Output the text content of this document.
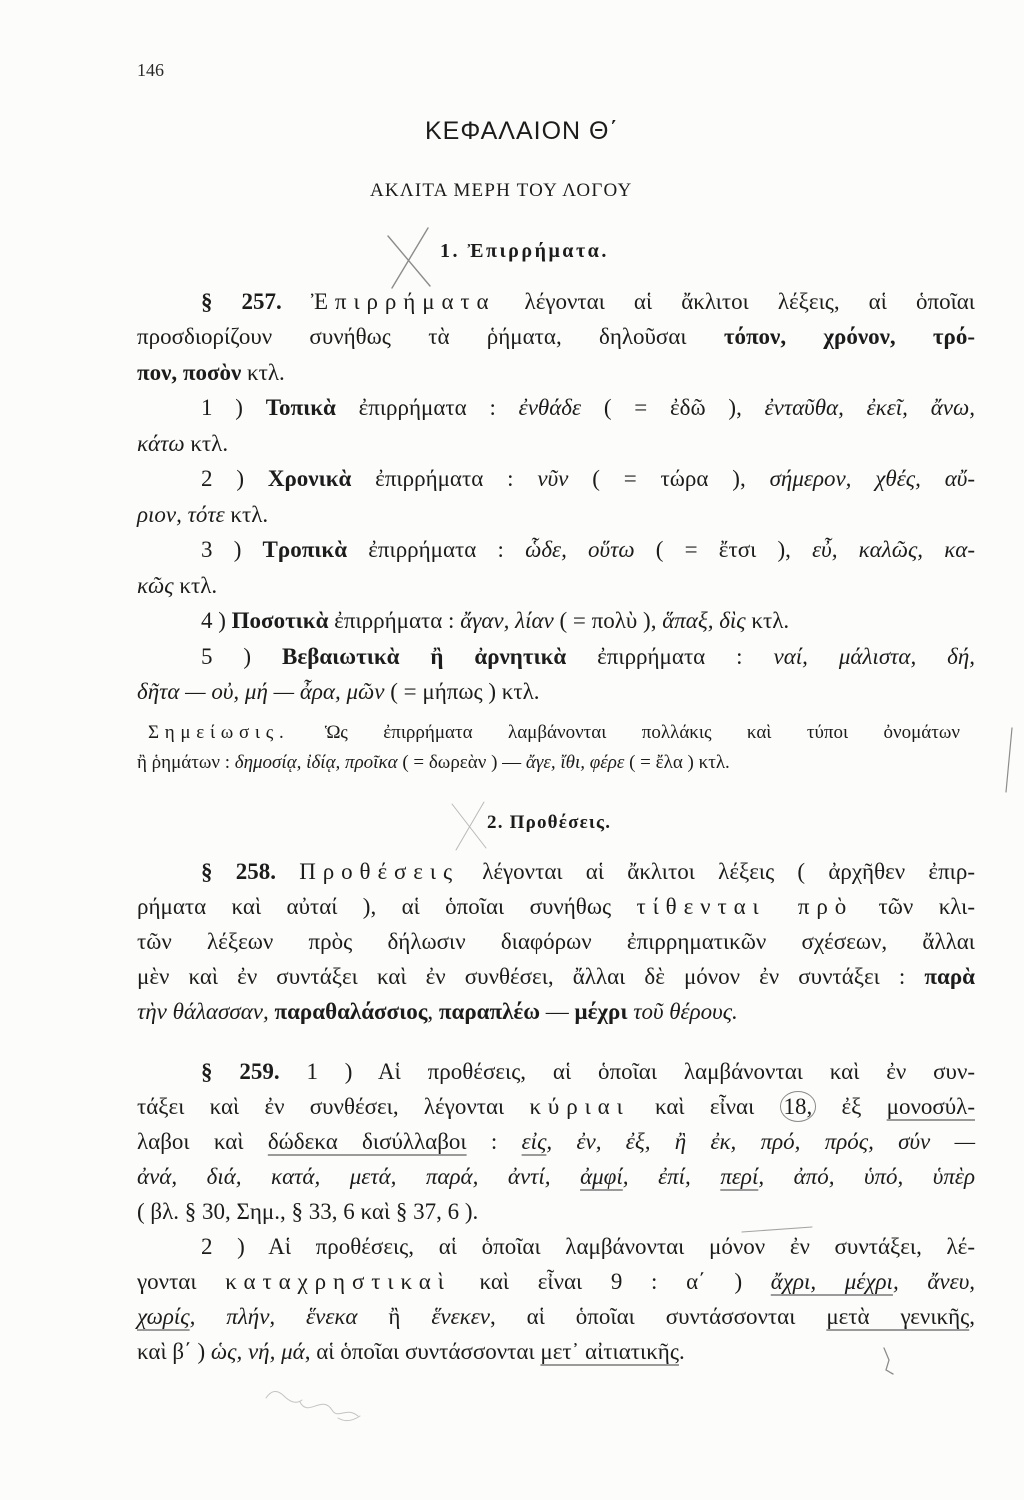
146
ΚΕΦΑΛΑΙΟΝ Θ΄
ΑΚΛΙΤΑ ΜΕΡΗ ΤΟΥ ΛΟΓΟΥ
1. Ἐπιρρήματα.
§ 257. Ἐπιρρήματα λέγονται αἱ ἄκλιτοι λέξεις, αἱ ὁποῖαι
προσδιορίζουν συνήθως τὰ ῥήματα, δηλοῦσαι τόπον, χρόνον, τρό-
πον, ποσὸν κτλ.
1 ) Τοπικὰ ἐπιρρήματα : ἐνθάδε ( = ἐδῶ ), ἐνταῦθα, ἐκεῖ, ἄνω,
κάτω κτλ.
2 ) Χρονικὰ ἐπιρρήματα : νῦν ( = τώρα ), σήμερον, χθές, αὔ-
ριον, τότε κτλ.
3 ) Τροπικὰ ἐπιρρήματα : ὧδε, οὕτω ( = ἔτσι ), εὖ, καλῶς, κα-
κῶς κτλ.
4 ) Ποσοτικὰ ἐπιρρήματα : ἄγαν, λίαν ( = πολὺ ), ἅπαξ, δὶς κτλ.
5 ) Βεβαιωτικὰ ἢ ἀρνητικὰ ἐπιρρήματα : ναί, μάλιστα, δή,
δῆτα — οὐ, μή — ἆρα, μῶν ( = μήπως ) κτλ.
Σημείωσις. Ὡς ἐπιρρήματα λαμβάνονται πολλάκις καὶ τύποι ὀνομάτων
ἢ ῥημάτων : δημοσίᾳ, ἰδίᾳ, προῖκα ( = δωρεὰν ) — ἄγε, ἴθι, φέρε ( = ἔλα ) κτλ.
2. Προθέσεις.
§ 258. Προθέσεις λέγονται αἱ ἄκλιτοι λέξεις ( ἀρχῆθεν ἐπιρ-
ρήματα καὶ αὐταί ), αἱ ὁποῖαι συνήθως τίθενται πρὸ τῶν κλι-
τῶν λέξεων πρὸς δήλωσιν διαφόρων ἐπιρρηματικῶν σχέσεων, ἄλλαι
μὲν καὶ ἐν συντάξει καὶ ἐν συνθέσει, ἄλλαι δὲ μόνον ἐν συντάξει : παρὰ
τὴν θάλασσαν, παραθαλάσσιος, παραπλέω — μέχρι τοῦ θέρους.
§ 259. 1 ) Αἱ προθέσεις, αἱ ὁποῖαι λαμβάνονται καὶ ἐν συν-
τάξει καὶ ἐν συνθέσει, λέγονται κύριαι καὶ εἶναι 18, ἐξ μονοσύλ-
λαβοι καὶ δώδεκα δισύλλαβοι : εἰς, ἐν, ἐξ, ἢ ἐκ, πρό, πρός, σύν —
ἀνά, διά, κατά, μετά, παρά, ἀντί, ἀμφί, ἐπί, περί, ἀπό, ὑπό, ὑπὲρ
( βλ. § 30, Σημ., § 33, 6 καὶ § 37, 6 ).
2 ) Αἱ προθέσεις, αἱ ὁποῖαι λαμβάνονται μόνον ἐν συντάξει, λέ-
γονται καταχρηστικαὶ καὶ εἶναι 9 : α΄ ) ἄχρι, μέχρι, ἄνευ,
χωρίς, πλήν, ἕνεκα ἢ ἕνεκεν, αἱ ὁποῖαι συντάσσονται μετὰ γενικῆς,
καὶ β΄ ) ὡς, νή, μά, αἱ ὁποῖαι συντάσσονται μετ᾽ αἰτιατικῆς.
